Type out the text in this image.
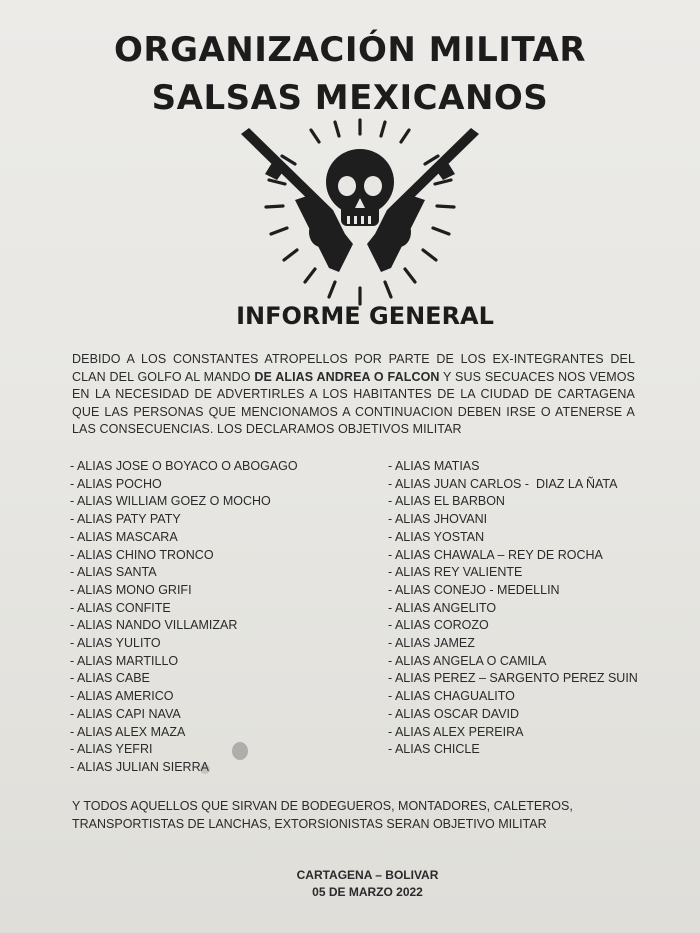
ORGANIZACIÓN MILITAR
SALSAS MEXICANOS
INFORME GENERAL
DEBIDO A LOS CONSTANTES ATROPELLOS POR PARTE DE LOS EX-INTEGRANTES DEL CLAN DEL GOLFO AL MANDO DE ALIAS ANDREA O FALCON Y SUS SECUACES NOS VEMOS EN LA NECESIDAD DE ADVERTIRLES A LOS HABITANTES DE LA CIUDAD DE CARTAGENA QUE LAS PERSONAS QUE MENCIONAMOS A CONTINUACION DEBEN IRSE O ATENERSE A LAS CONSECUENCIAS. LOS DECLARAMOS OBJETIVOS MILITAR
- ALIAS JOSE O BOYACO O ABOGAGO
- ALIAS POCHO
- ALIAS WILLIAM GOEZ O MOCHO
- ALIAS PATY PATY
- ALIAS MASCARA
- ALIAS CHINO TRONCO
- ALIAS SANTA
- ALIAS MONO GRIFI
- ALIAS CONFITE
- ALIAS NANDO VILLAMIZAR
- ALIAS YULITO
- ALIAS MARTILLO
- ALIAS CABE
- ALIAS AMERICO
- ALIAS CAPI NAVA
- ALIAS ALEX MAZA
- ALIAS YEFRI
- ALIAS JULIAN SIERRA
- ALIAS MATIAS
- ALIAS JUAN CARLOS -  DIAZ LA ÑATA
- ALIAS EL BARBON
- ALIAS JHOVANI
- ALIAS YOSTAN
- ALIAS CHAWALA – REY DE ROCHA
- ALIAS REY VALIENTE
- ALIAS CONEJO - MEDELLIN
- ALIAS ANGELITO
- ALIAS COROZO
- ALIAS JAMEZ
- ALIAS ANGELA O CAMILA
- ALIAS PEREZ – SARGENTO PEREZ SUIN
- ALIAS CHAGUALITO
- ALIAS OSCAR DAVID
- ALIAS ALEX PEREIRA
- ALIAS CHICLE
Y TODOS AQUELLOS QUE SIRVAN DE BODEGUEROS, MONTADORES, CALETEROS, TRANSPORTISTAS DE LANCHAS, EXTORSIONISTAS SERAN OBJETIVO MILITAR
CARTAGENA – BOLIVAR
05 DE MARZO 2022
